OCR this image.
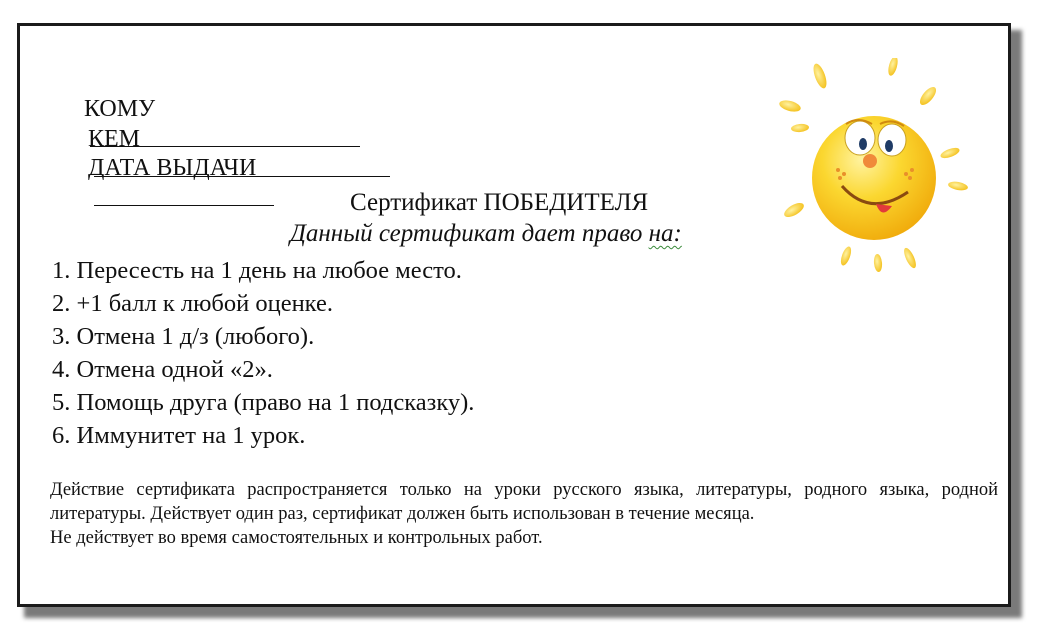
КОМУ

КЕМ

ДАТА ВЫДАЧИ

Сертификат ПОБЕДИТЕЛЯ
Данный сертификат дает право на:
1. Пересесть на 1 день на любое место.
2. +1 балл к любой оценке.
3. Отмена 1 д/з (любого).
4. Отмена одной «2».
5. Помощь друга (право на 1 подсказку).
6. Иммунитет на 1 урок.

Действие сертификата распространяется только на уроки русского языка, литературы, родного языка, родной литературы. Действует один раз, сертификат должен быть использован в течение месяца.

Не действует во время самостоятельных и контрольных работ.
